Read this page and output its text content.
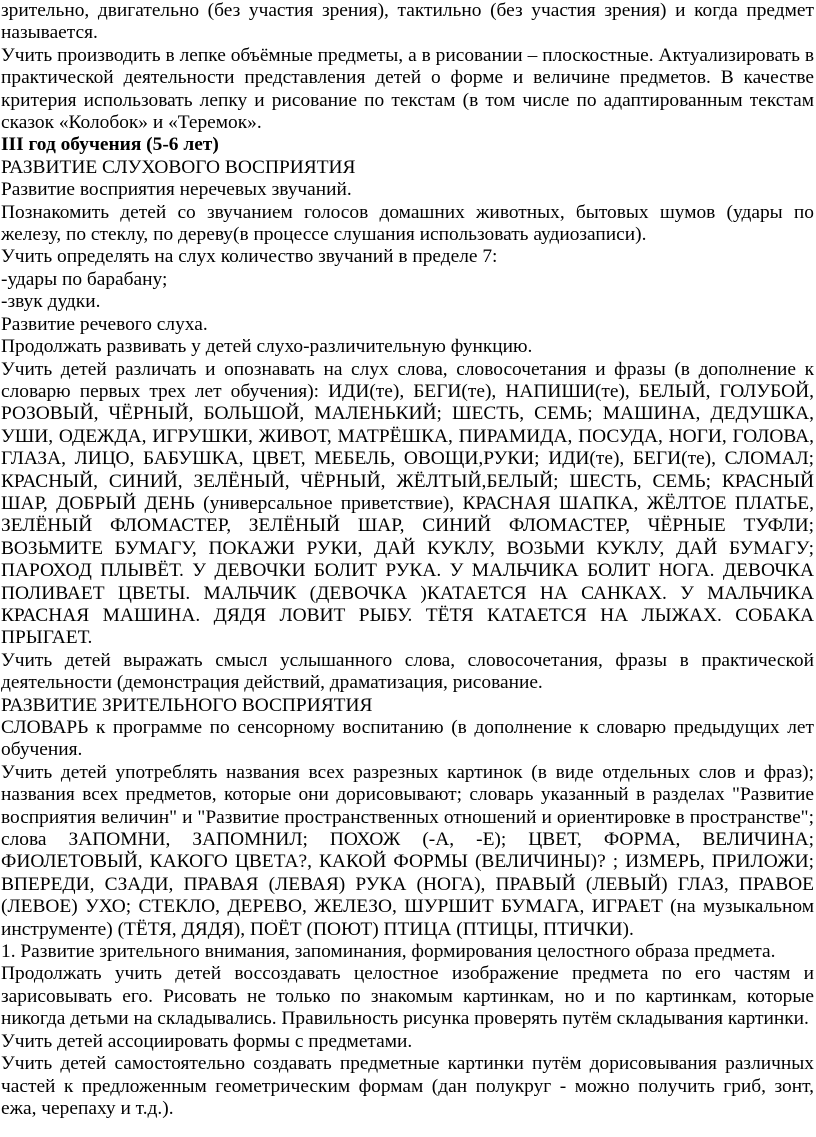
зрительно, двигательно (без участия зрения), тактильно (без участия зрения) и когда предмет называется.

Учить производить в лепке объёмные предметы, а в рисовании – плоскостные. Актуализировать в практической деятельности представления детей о форме и величине предметов. В качестве критерия использовать лепку и рисование по текстам (в том числе по адаптированным текстам сказок «Колобок» и «Теремок».

III год обучения (5-6 лет)

РАЗВИТИЕ СЛУХОВОГО ВОСПРИЯТИЯ

Развитие восприятия неречевых звучаний.

Познакомить детей со звучанием голосов домашних животных, бытовых шумов (удары по железу, по стеклу, по дереву(в процессе слушания использовать аудиозаписи).

Учить определять на слух количество звучаний в пределе 7:

-удары по барабану;

-звук дудки.

Развитие речевого слуха.

Продолжать развивать у детей слухо-различительную функцию.

Учить детей различать и опознавать на слух слова, словосочетания и фразы (в дополнение к словарю первых трех лет обучения): ИДИ(те), БЕГИ(те), НАПИШИ(те), БЕЛЫЙ, ГОЛУБОЙ, РОЗОВЫЙ, ЧЁРНЫЙ, БОЛЬШОЙ, МАЛЕНЬКИЙ; ШЕСТЬ, СЕМЬ; МАШИНА, ДЕДУШКА, УШИ, ОДЕЖДА, ИГРУШКИ, ЖИВОТ, МАТРЁШКА, ПИРАМИДА, ПОСУДА, НОГИ, ГОЛОВА, ГЛАЗА, ЛИЦО, БАБУШКА, ЦВЕТ, МЕБЕЛЬ, ОВОЩИ,РУКИ; ИДИ(те), БЕГИ(те), СЛОМАЛ; КРАСНЫЙ, СИНИЙ, ЗЕЛЁНЫЙ, ЧЁРНЫЙ, ЖЁЛТЫЙ,БЕЛЫЙ; ШЕСТЬ, СЕМЬ; КРАСНЫЙ ШАР, ДОБРЫЙ ДЕНЬ (универсальное приветствие), КРАСНАЯ ШАПКА, ЖЁЛТОЕ ПЛАТЬЕ, ЗЕЛЁНЫЙ ФЛОМАСТЕР, ЗЕЛЁНЫЙ ШАР, СИНИЙ ФЛОМАСТЕР, ЧЁРНЫЕ ТУФЛИ; ВОЗЬМИТЕ БУМАГУ, ПОКАЖИ РУКИ, ДАЙ КУКЛУ, ВОЗЬМИ КУКЛУ, ДАЙ БУМАГУ; ПАРОХОД ПЛЫВЁТ. У ДЕВОЧКИ БОЛИТ РУКА. У МАЛЬЧИКА БОЛИТ НОГА. ДЕВОЧКА ПОЛИВАЕТ ЦВЕТЫ. МАЛЬЧИК (ДЕВОЧКА )КАТАЕТСЯ НА САНКАХ. У МАЛЬЧИКА КРАСНАЯ МАШИНА. ДЯДЯ ЛОВИТ РЫБУ. ТЁТЯ КАТАЕТСЯ НА ЛЫЖАХ. СОБАКА ПРЫГАЕТ.

Учить детей выражать смысл услышанного слова, словосочетания, фразы в практической деятельности (демонстрация действий, драматизация, рисование.

РАЗВИТИЕ ЗРИТЕЛЬНОГО ВОСПРИЯТИЯ

СЛОВАРЬ к программе по сенсорному воспитанию (в дополнение к словарю предыдущих лет обучения.

Учить детей употреблять названия всех разрезных картинок (в виде отдельных слов и фраз); названия всех предметов, которые они дорисовывают; словарь указанный в разделах "Развитие восприятия величин" и "Развитие пространственных отношений и ориентировке в пространстве"; слова ЗАПОМНИ, ЗАПОМНИЛ; ПОХОЖ (-А, -Е); ЦВЕТ, ФОРМА, ВЕЛИЧИНА; ФИОЛЕТОВЫЙ, КАКОГО ЦВЕТА?, КАКОЙ ФОРМЫ (ВЕЛИЧИНЫ)? ; ИЗМЕРЬ, ПРИЛОЖИ; ВПЕРЕДИ, СЗАДИ, ПРАВАЯ (ЛЕВАЯ) РУКА (НОГА), ПРАВЫЙ (ЛЕВЫЙ) ГЛАЗ, ПРАВОЕ (ЛЕВОЕ) УХО; СТЕКЛО, ДЕРЕВО, ЖЕЛЕЗО, ШУРШИТ БУМАГА, ИГРАЕТ (на музыкальном инструменте) (ТЁТЯ, ДЯДЯ), ПОЁТ (ПОЮТ) ПТИЦА (ПТИЦЫ, ПТИЧКИ).

1. Развитие зрительного внимания, запоминания, формирования целостного образа предмета.

Продолжать учить детей воссоздавать целостное изображение предмета по его частям и зарисовывать его. Рисовать не только по знакомым картинкам, но и по картинкам, которые никогда детьми на складывались. Правильность рисунка проверять путём складывания картинки.

Учить детей ассоциировать формы с предметами.

Учить детей самостоятельно создавать предметные картинки путём дорисовывания различных частей к предложенным геометрическим формам (дан полукруг - можно получить гриб, зонт, ежа, черепаху и т.д.).
